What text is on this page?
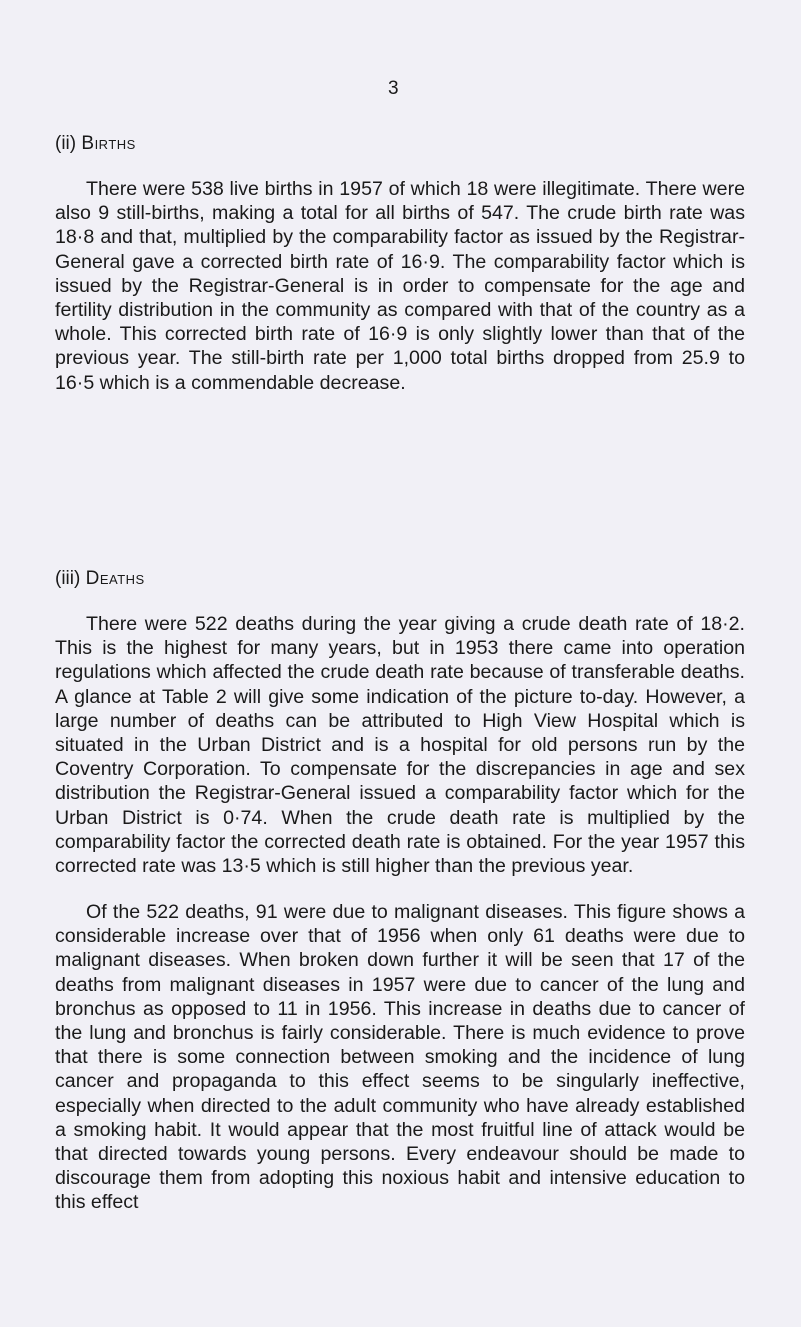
3
(ii) Births

There were 538 live births in 1957 of which 18 were illegitimate. There were also 9 still-births, making a total for all births of 547. The crude birth rate was 18·8 and that, multiplied by the comparability factor as issued by the Registrar-General gave a corrected birth rate of 16·9. The comparability factor which is issued by the Registrar-General is in order to compensate for the age and fertility distribution in the community as compared with that of the country as a whole. This corrected birth rate of 16·9 is only slightly lower than that of the previous year. The still-birth rate per 1,000 total births dropped from 25.9 to 16·5 which is a commendable decrease.

(iii) Deaths

There were 522 deaths during the year giving a crude death rate of 18·2. This is the highest for many years, but in 1953 there came into operation regulations which affected the crude death rate because of transferable deaths. A glance at Table 2 will give some indication of the picture to-day. However, a large number of deaths can be attributed to High View Hospital which is situated in the Urban District and is a hospital for old persons run by the Coventry Corporation. To compensate for the discrepancies in age and sex distribution the Registrar-General issued a comparability factor which for the Urban District is 0·74. When the crude death rate is multiplied by the comparability factor the corrected death rate is obtained. For the year 1957 this corrected rate was 13·5 which is still higher than the previous year.

Of the 522 deaths, 91 were due to malignant diseases. This figure shows a considerable increase over that of 1956 when only 61 deaths were due to malignant diseases. When broken down further it will be seen that 17 of the deaths from malignant diseases in 1957 were due to cancer of the lung and bronchus as opposed to 11 in 1956. This increase in deaths due to cancer of the lung and bronchus is fairly considerable. There is much evidence to prove that there is some connection between smoking and the incidence of lung cancer and propaganda to this effect seems to be singularly ineffective, especially when directed to the adult community who have already established a smoking habit. It would appear that the most fruitful line of attack would be that directed towards young persons. Every endeavour should be made to discourage them from adopting this noxious habit and intensive education to this effect
